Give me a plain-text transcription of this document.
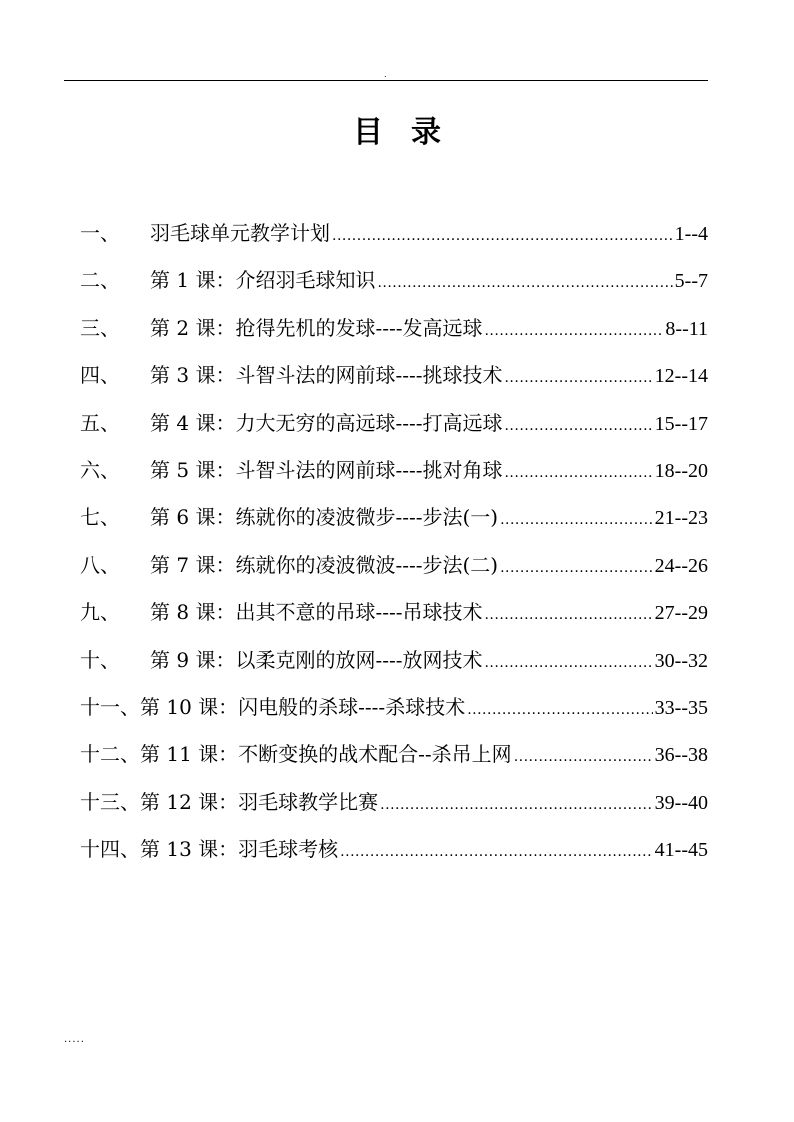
.
目录
一、	羽毛球单元教学计划 .....	1--4
二、	第 1 课：介绍羽毛球知识 .....	5--7
三、	第 2 课：抢得先机的发球----发高远球 .....	8--11
四、	第 3 课：斗智斗法的网前球----挑球技术 .....	12--14
五、	第 4 课：力大无穷的高远球----打高远球 .....	15--17
六、	第 5 课：斗智斗法的网前球----挑对角球 .....	18--20
七、	第 6 课：练就你的凌波微步----步法(一) .....	21--23
八、	第 7 课：练就你的凌波微波----步法(二) .....	24--26
九、	第 8 课：出其不意的吊球----吊球技术 .....	27--29
十、	第 9 课：以柔克刚的放网----放网技术 .....	30--32
十一、 第 10 课：闪电般的杀球----杀球技术 .....	33--35
十二、 第 11 课：不断变换的战术配合--杀吊上网 .....	36--38
十三、 第 12 课：羽毛球教学比赛 .....	39--40
十四、 第 13 课：羽毛球考核 .....	41--45
.....
